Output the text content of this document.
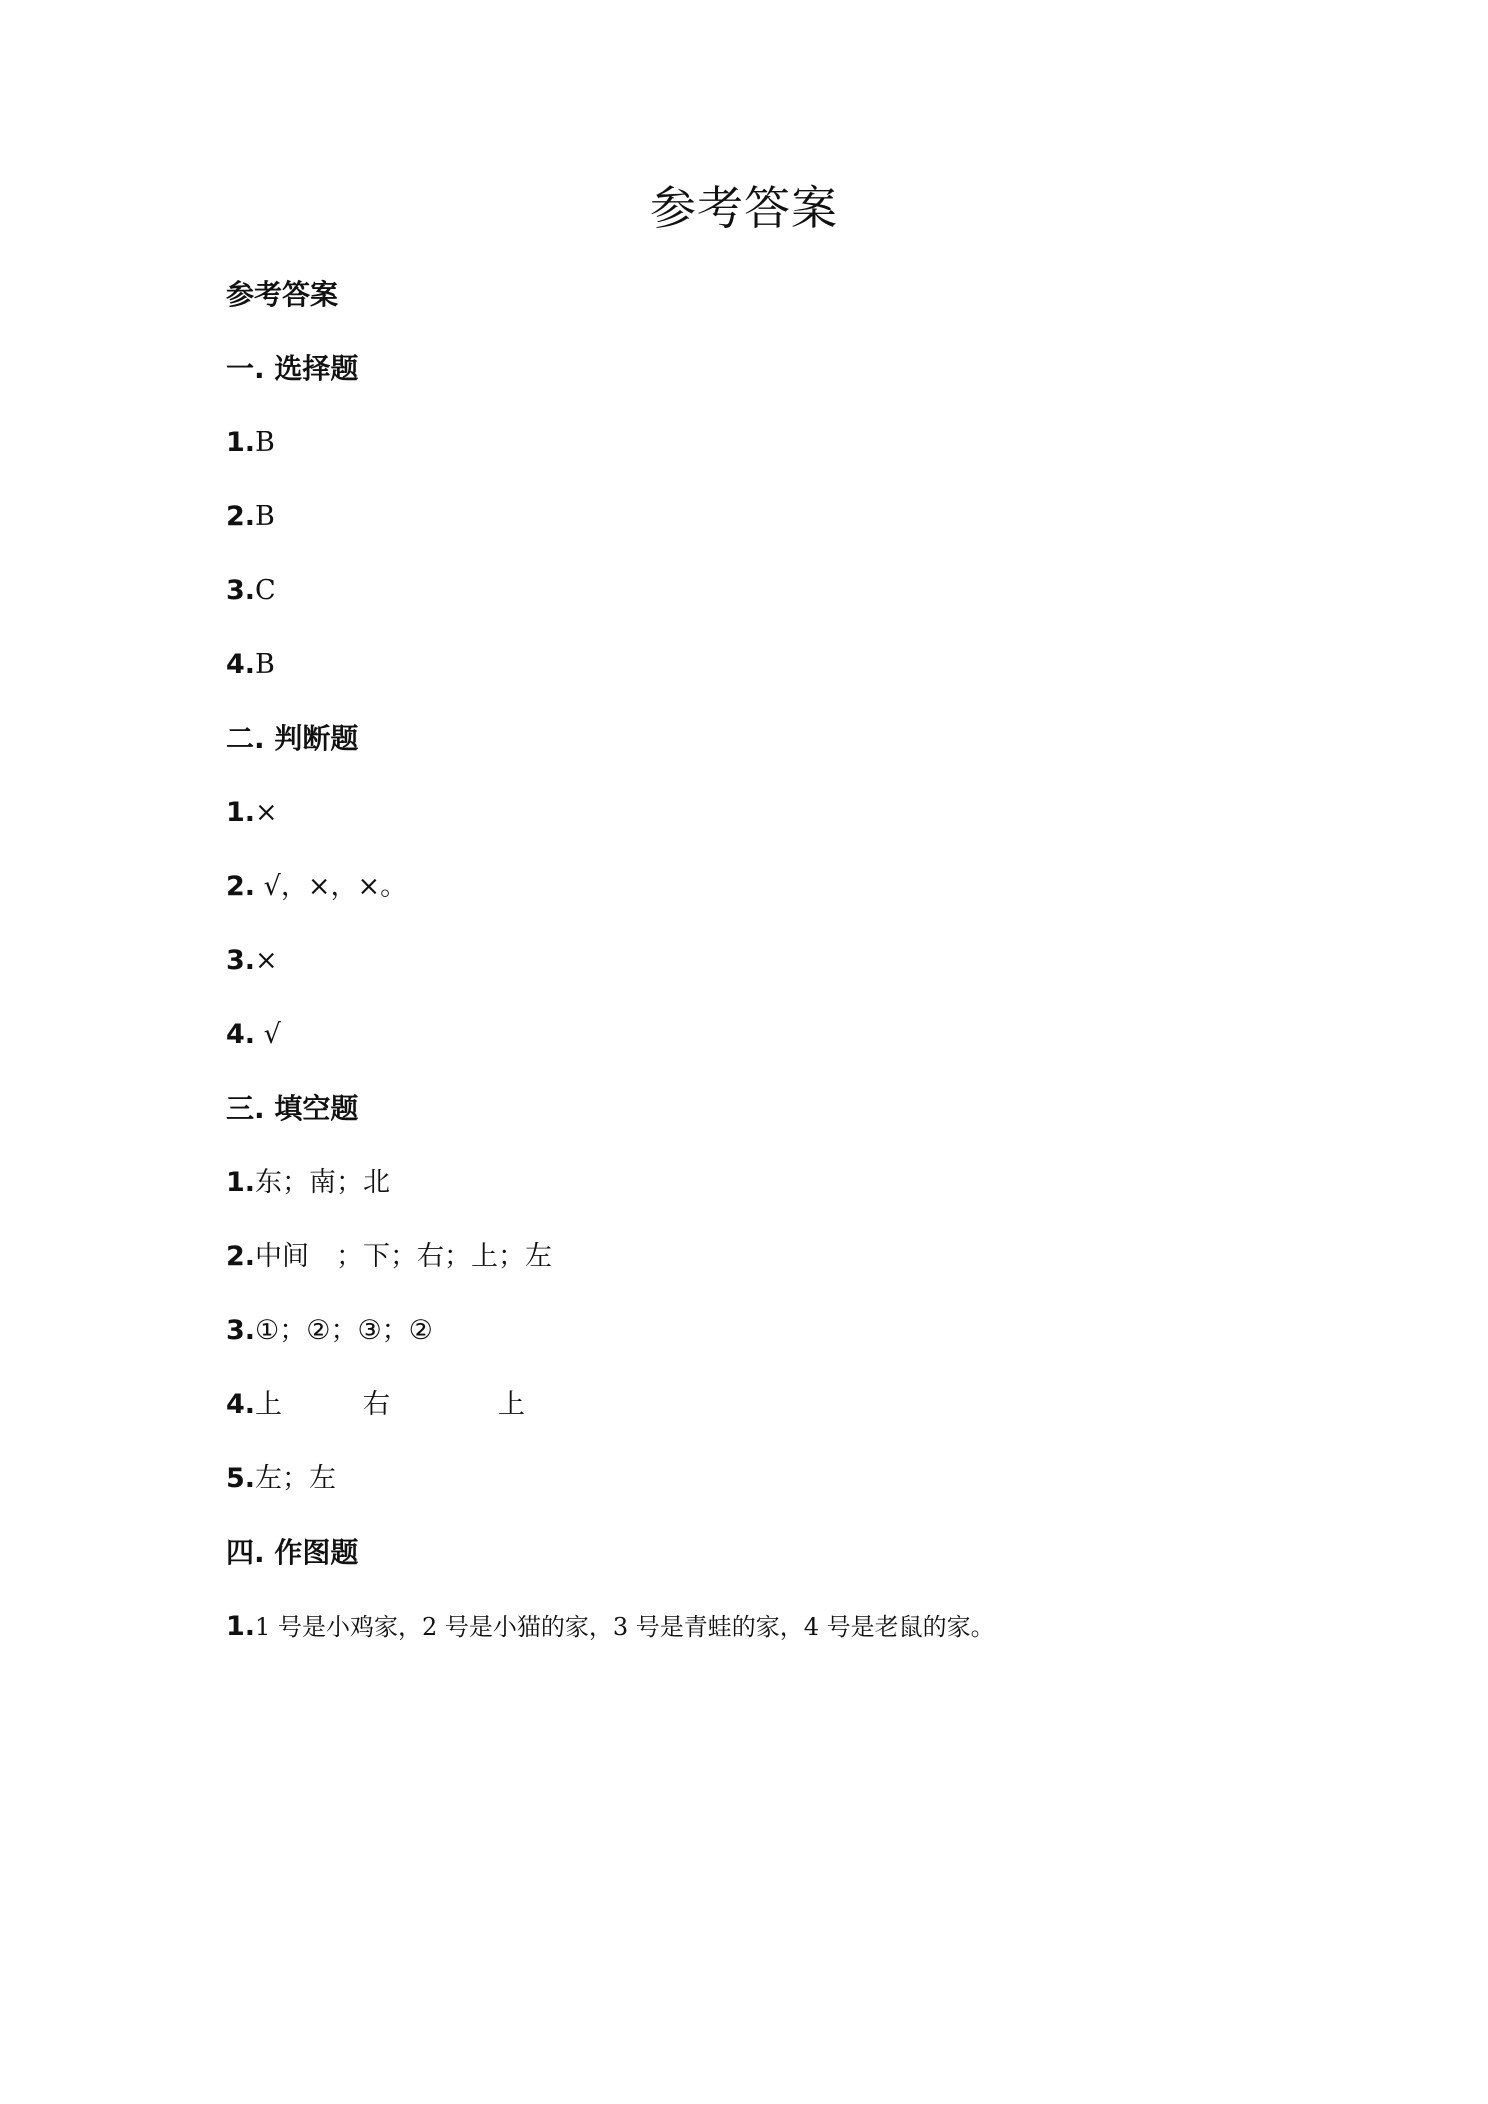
参考答案
参考答案
一. 选择题
1.B
2.B
3.C
4.B
二. 判断题
1.×
2. √，×，×。
3.×
4. √
三. 填空题
1.东；南；北
2.中间　；下；右；上；左
3.①；②；③；②
4.上　　　右　　　　上
5.左；左
四. 作图题
1.1 号是小鸡家，2 号是小猫的家，3 号是青蛙的家，4 号是老鼠的家。
